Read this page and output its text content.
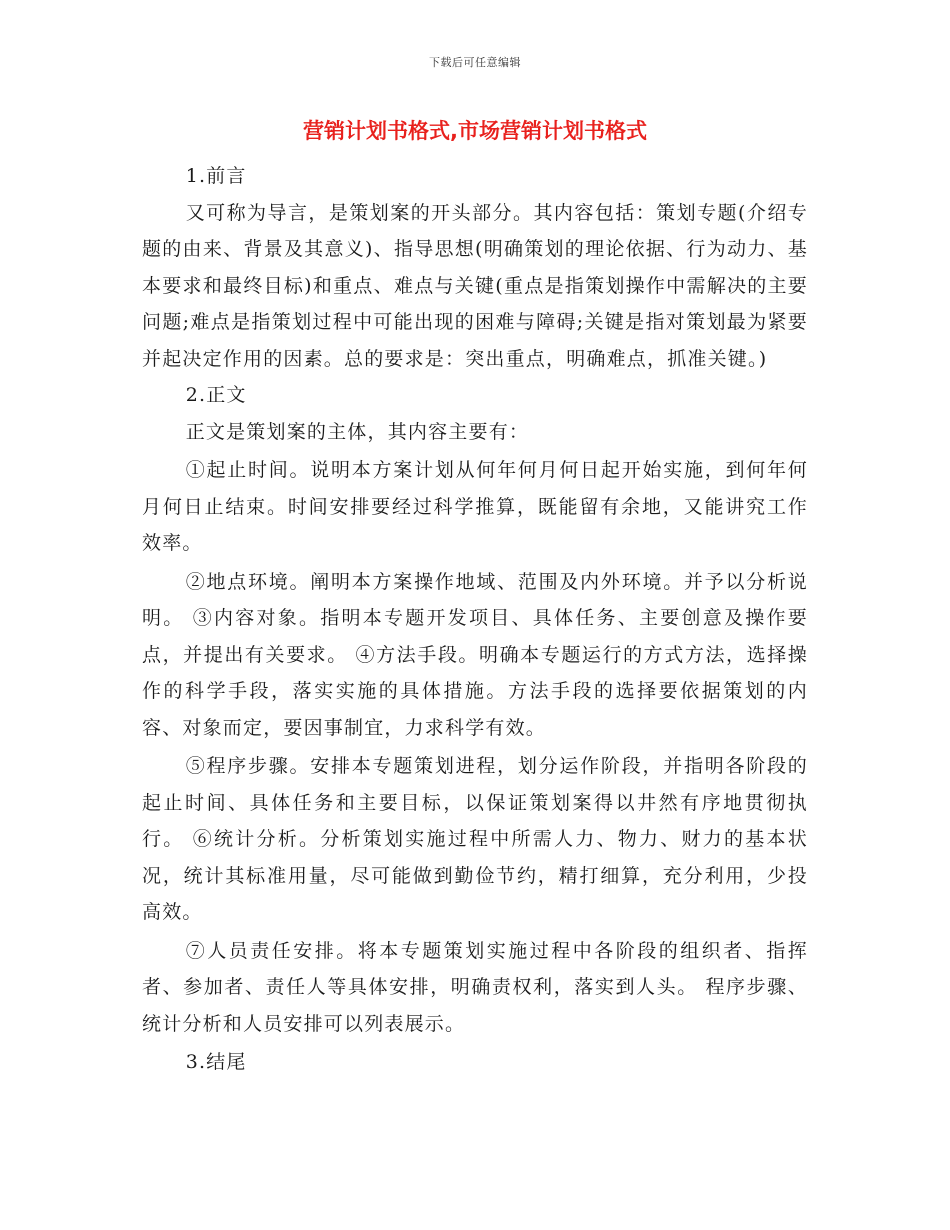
下载后可任意编辑
营销计划书格式,市场营销计划书格式

1.前言

又可称为导言，是策划案的开头部分。其内容包括：策划专题(介绍专题的由来、背景及其意义)、指导思想(明确策划的理论依据、行为动力、基本要求和最终目标)和重点、难点与关键(重点是指策划操作中需解决的主要问题;难点是指策划过程中可能出现的困难与障碍;关键是指对策划最为紧要并起决定作用的因素。总的要求是：突出重点，明确难点，抓准关键。)

2.正文

正文是策划案的主体，其内容主要有：

①起止时间。说明本方案计划从何年何月何日起开始实施，到何年何月何日止结束。时间安排要经过科学推算，既能留有余地，又能讲究工作效率。

②地点环境。阐明本方案操作地域、范围及内外环境。并予以分析说明。 ③内容对象。指明本专题开发项目、具体任务、主要创意及操作要点，并提出有关要求。 ④方法手段。明确本专题运行的方式方法，选择操作的科学手段，落实实施的具体措施。方法手段的选择要依据策划的内容、对象而定，要因事制宜，力求科学有效。

⑤程序步骤。安排本专题策划进程，划分运作阶段，并指明各阶段的起止时间、具体任务和主要目标，以保证策划案得以井然有序地贯彻执行。 ⑥统计分析。分析策划实施过程中所需人力、物力、财力的基本状况，统计其标准用量，尽可能做到勤俭节约，精打细算，充分利用，少投高效。

⑦人员责任安排。将本专题策划实施过程中各阶段的组织者、指挥者、参加者、责任人等具体安排，明确责权利，落实到人头。 程序步骤、统计分析和人员安排可以列表展示。

3.结尾
